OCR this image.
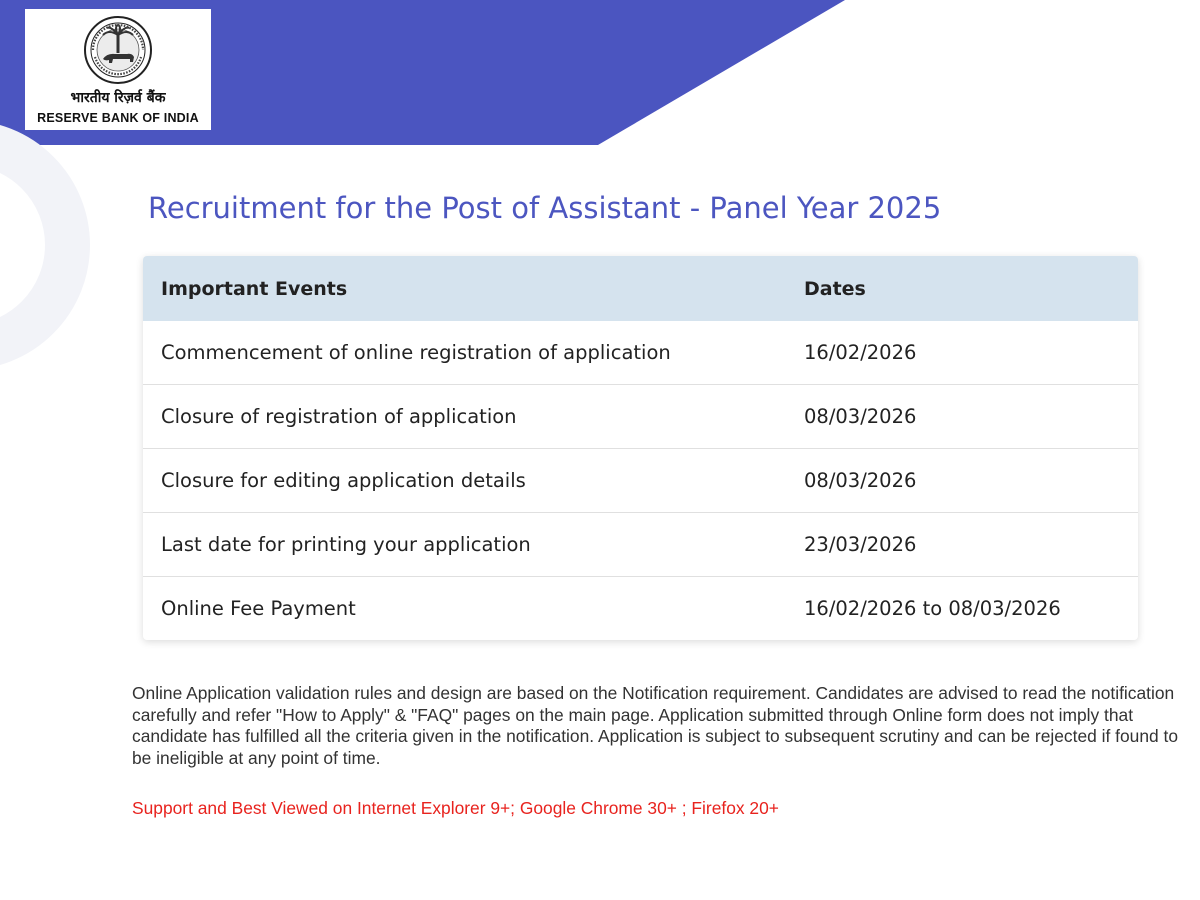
भारतीय रिज़र्व बैंक
RESERVE BANK OF INDIA
Recruitment for the Post of Assistant - Panel Year 2025
Important Events	Dates
Commencement of online registration of application	16/02/2026
Closure of registration of application	08/03/2026
Closure for editing application details	08/03/2026
Last date for printing your application	23/03/2026
Online Fee Payment	16/02/2026 to 08/03/2026

Online Application validation rules and design are based on the Notification requirement. Candidates are advised to read the notification carefully and refer "How to Apply" & "FAQ" pages on the main page. Application submitted through Online form does not imply that candidate has fulfilled all the criteria given in the notification. Application is subject to subsequent scrutiny and can be rejected if found to be ineligible at any point of time.

Support and Best Viewed on Internet Explorer 9+; Google Chrome 30+ ; Firefox 20+
